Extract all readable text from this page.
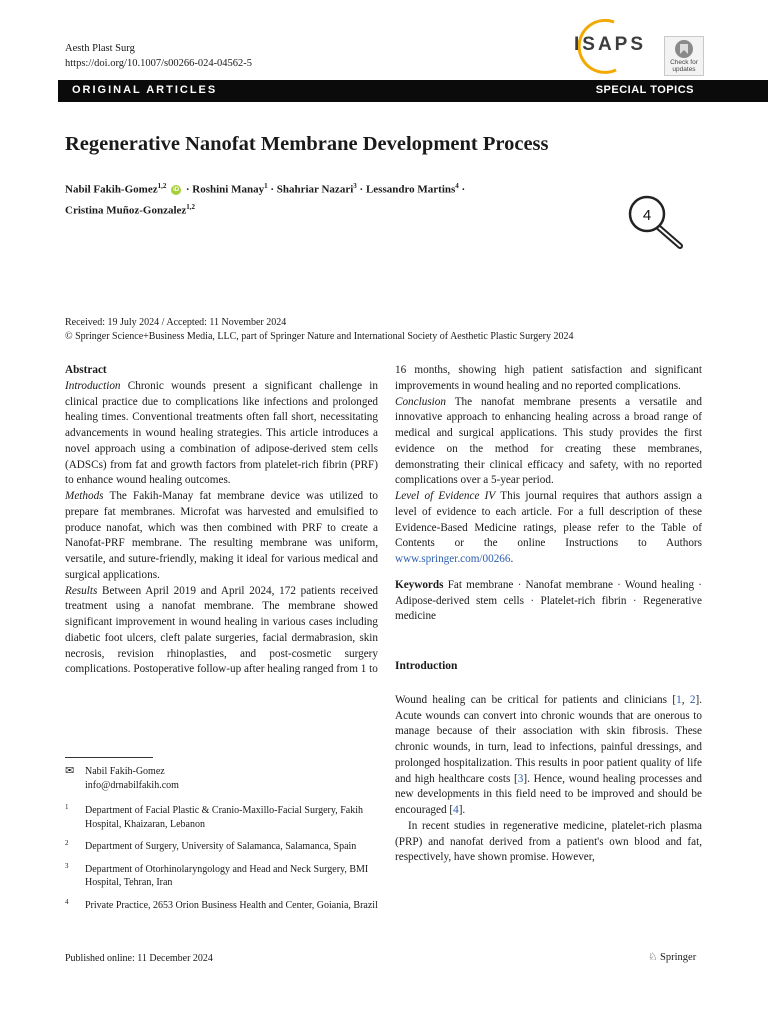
Aesth Plast Surg
https://doi.org/10.1007/s00266-024-04562-5
ISAPS
Check for updates
ORIGINAL ARTICLES	SPECIAL TOPICS
Regenerative Nanofat Membrane Development Process
Nabil Fakih-Gomez$^{1,2}$ iD · Roshini Manay$^1$ · Shahriar Nazari$^3$ · Lessandro Martins$^4$ ·
Cristina Muñoz-Gonzalez$^{1,2}$
4
Received: 19 July 2024 / Accepted: 11 November 2024
© Springer Science+Business Media, LLC, part of Springer Nature and International Society of Aesthetic Plastic Surgery 2024

Abstract

Introduction Chronic wounds present a significant challenge in clinical practice due to complications like infections and prolonged healing times. Conventional treatments often fall short, necessitating advancements in wound healing strategies. This article introduces a novel approach using a combination of adipose-derived stem cells (ADSCs) from fat and growth factors from platelet-rich fibrin (PRF) to enhance wound healing outcomes.

Methods The Fakih-Manay fat membrane device was utilized to prepare fat membranes. Microfat was harvested and emulsified to produce nanofat, which was then combined with PRF to create a Nanofat-PRF membrane. The resulting membrane was uniform, versatile, and suture-friendly, making it ideal for various medical and surgical applications.

Results Between April 2019 and April 2024, 172 patients received treatment using a nanofat membrane. The membrane showed significant improvement in wound healing in various cases including diabetic foot ulcers, cleft palate surgeries, facial dermabrasion, skin necrosis, revision rhinoplasties, and post-cosmetic surgery complications. Postoperative follow-up after healing ranged from 1 to

✉ Nabil Fakih-Gomez
info@drnabilfakih.com
1 Department of Facial Plastic & Cranio-Maxillo-Facial Surgery, Fakih Hospital, Khaizaran, Lebanon
2 Department of Surgery, University of Salamanca, Salamanca, Spain
3 Department of Otorhinolaryngology and Head and Neck Surgery, BMI Hospital, Tehran, Iran
4 Private Practice, 2653 Orion Business Health and Center, Goiania, Brazil

16 months, showing high patient satisfaction and significant improvements in wound healing and no reported complications.

Conclusion The nanofat membrane presents a versatile and innovative approach to enhancing healing across a broad range of medical and surgical applications. This study provides the first evidence on the method for creating these membranes, demonstrating their clinical efficacy and safety, with no reported complications over a 5-year period.

Level of Evidence IV This journal requires that authors assign a level of evidence to each article. For a full description of these Evidence-Based Medicine ratings, please refer to the Table of Contents or the online Instructions to Authors www.springer.com/00266.

Keywords Fat membrane · Nanofat membrane · Wound healing · Adipose-derived stem cells · Platelet-rich fibrin · Regenerative medicine

Introduction

Wound healing can be critical for patients and clinicians [1, 2]. Acute wounds can convert into chronic wounds that are onerous to manage because of their association with skin fibrosis. These chronic wounds, in turn, lead to infections, painful dressings, and prolonged hospitalization. This results in poor patient quality of life and high healthcare costs [3]. Hence, wound healing processes and new developments in this field need to be improved and should be encouraged [4].

In recent studies in regenerative medicine, platelet-rich plasma (PRP) and nanofat derived from a patient's own blood and fat, respectively, have shown promise. However,

Published online: 11 December 2024	♘ Springer
